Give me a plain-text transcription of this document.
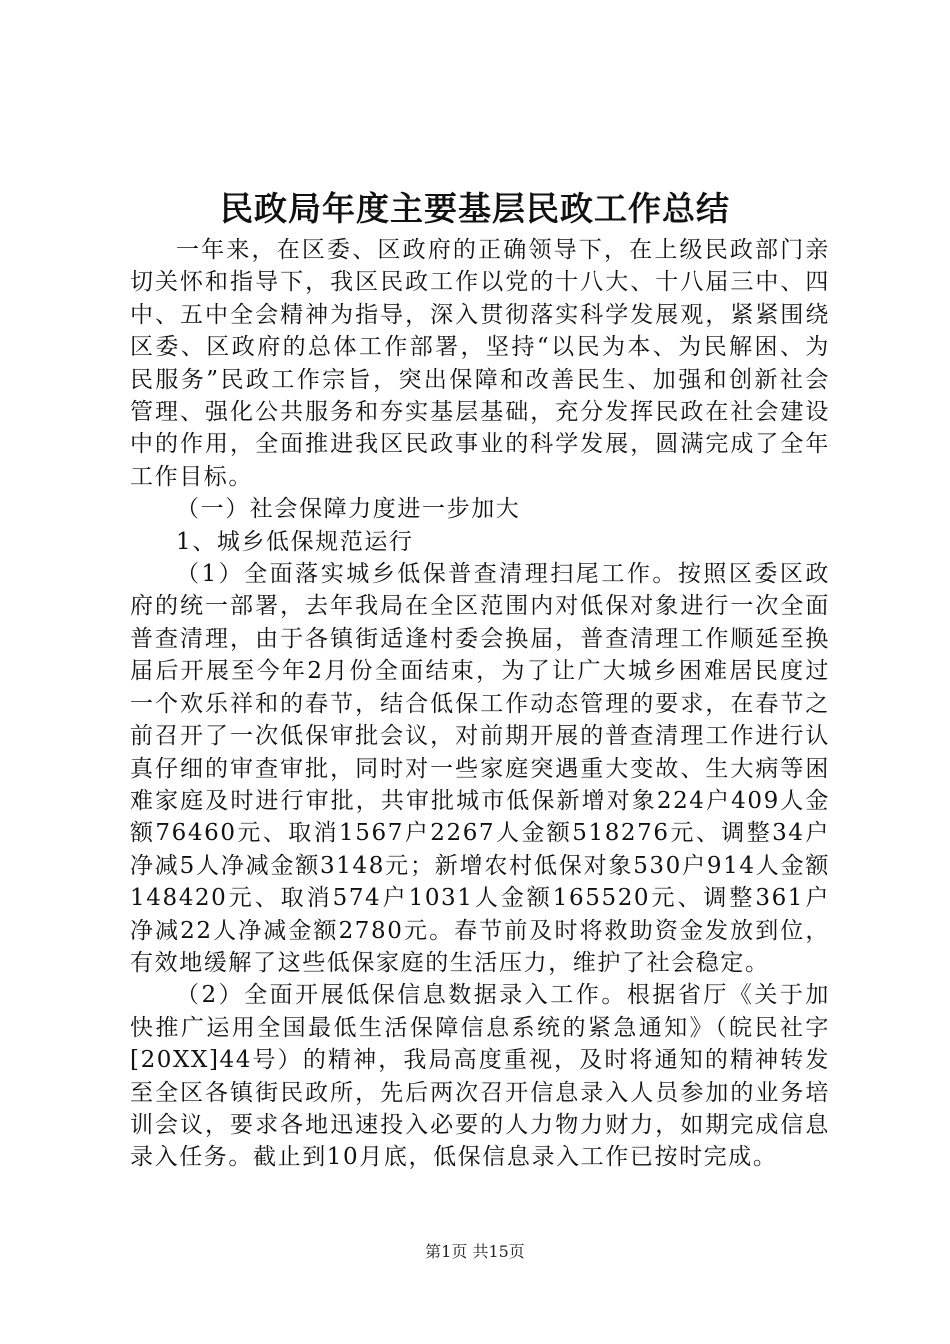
民政局年度主要基层民政工作总结

一年来，在区委、区政府的正确领导下，在上级民政部门亲切关怀和指导下，我区民政工作以党的十八大、十八届三中、四中、五中全会精神为指导，深入贯彻落实科学发展观，紧紧围绕区委、区政府的总体工作部署，坚持“以民为本、为民解困、为民服务”民政工作宗旨，突出保障和改善民生、加强和创新社会管理、强化公共服务和夯实基层基础，充分发挥民政在社会建设中的作用，全面推进我区民政事业的科学发展，圆满完成了全年工作目标。

（一）社会保障力度进一步加大

1、城乡低保规范运行

（1）全面落实城乡低保普查清理扫尾工作。按照区委区政府的统一部署，去年我局在全区范围内对低保对象进行一次全面普查清理，由于各镇街适逢村委会换届，普查清理工作顺延至换届后开展至今年2月份全面结束，为了让广大城乡困难居民度过一个欢乐祥和的春节，结合低保工作动态管理的要求，在春节之前召开了一次低保审批会议，对前期开展的普查清理工作进行认真仔细的审查审批，同时对一些家庭突遇重大变故、生大病等困难家庭及时进行审批，共审批城市低保新增对象224户409人金额76460元、取消1567户2267人金额518276元、调整34户净减5人净减金额3148元；新增农村低保对象530户914人金额148420元、取消574户1031人金额165520元、调整361户净减22人净减金额2780元。春节前及时将救助资金发放到位，有效地缓解了这些低保家庭的生活压力，维护了社会稳定。

（2）全面开展低保信息数据录入工作。根据省厅《关于加快推广运用全国最低生活保障信息系统的紧急通知》（皖民社字[20XX]44号）的精神，我局高度重视，及时将通知的精神转发至全区各镇街民政所，先后两次召开信息录入人员参加的业务培训会议，要求各地迅速投入必要的人力物力财力，如期完成信息录入任务。截止到10月底，低保信息录入工作已按时完成。

第1页 共15页
